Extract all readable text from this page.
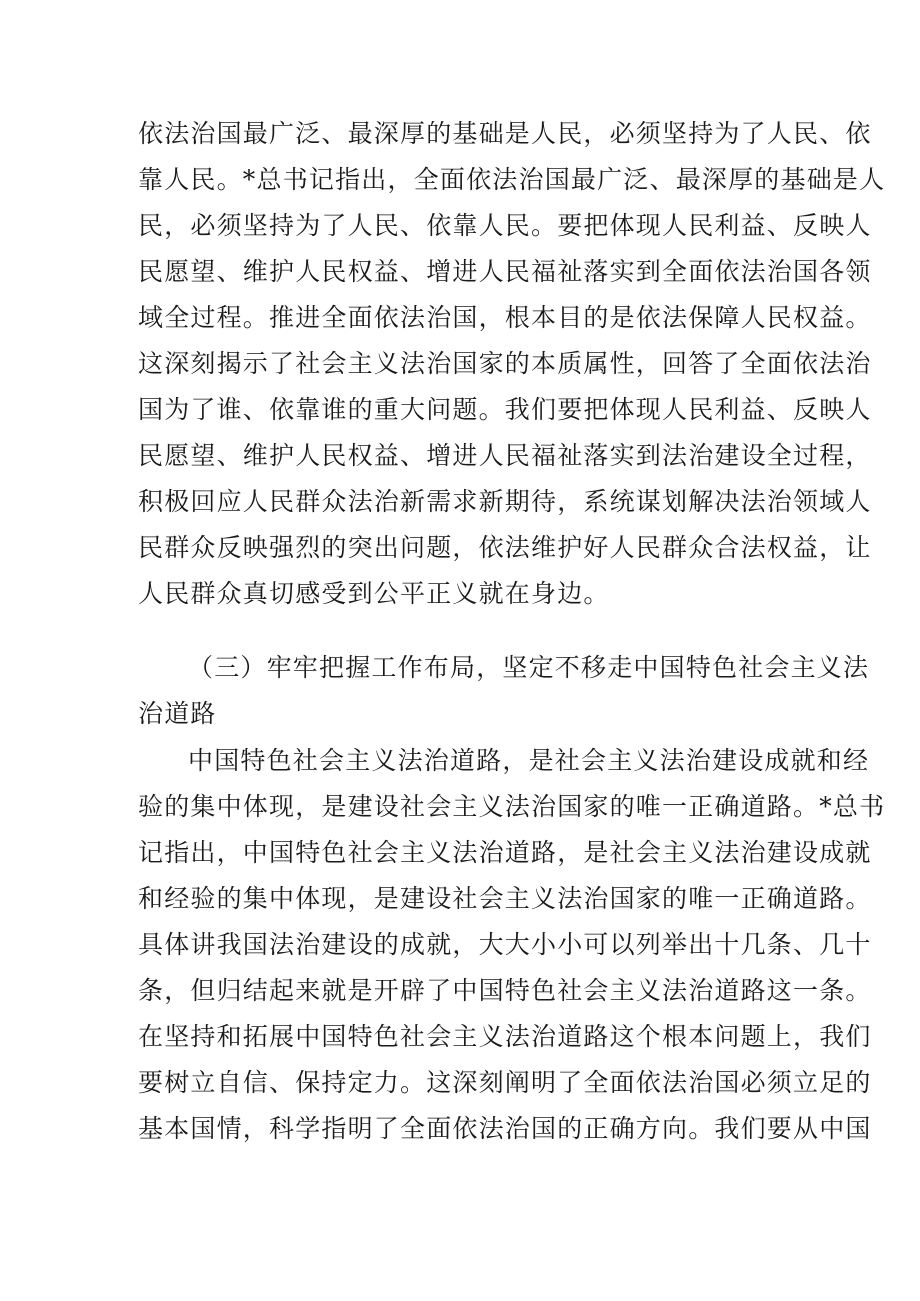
依法治国最广泛、最深厚的基础是人民，必须坚持为了人民、依
靠人民。*总书记指出，全面依法治国最广泛、最深厚的基础是人
民，必须坚持为了人民、依靠人民。要把体现人民利益、反映人
民愿望、维护人民权益、增进人民福祉落实到全面依法治国各领
域全过程。推进全面依法治国，根本目的是依法保障人民权益。
这深刻揭示了社会主义法治国家的本质属性，回答了全面依法治
国为了谁、依靠谁的重大问题。我们要把体现人民利益、反映人
民愿望、维护人民权益、增进人民福祉落实到法治建设全过程，
积极回应人民群众法治新需求新期待，系统谋划解决法治领域人
民群众反映强烈的突出问题，依法维护好人民群众合法权益，让
人民群众真切感受到公平正义就在身边。
（三）牢牢把握工作布局，坚定不移走中国特色社会主义法
治道路
中国特色社会主义法治道路，是社会主义法治建设成就和经
验的集中体现，是建设社会主义法治国家的唯一正确道路。*总书
记指出，中国特色社会主义法治道路，是社会主义法治建设成就
和经验的集中体现，是建设社会主义法治国家的唯一正确道路。
具体讲我国法治建设的成就，大大小小可以列举出十几条、几十
条，但归结起来就是开辟了中国特色社会主义法治道路这一条。
在坚持和拓展中国特色社会主义法治道路这个根本问题上，我们
要树立自信、保持定力。这深刻阐明了全面依法治国必须立足的
基本国情，科学指明了全面依法治国的正确方向。我们要从中国
